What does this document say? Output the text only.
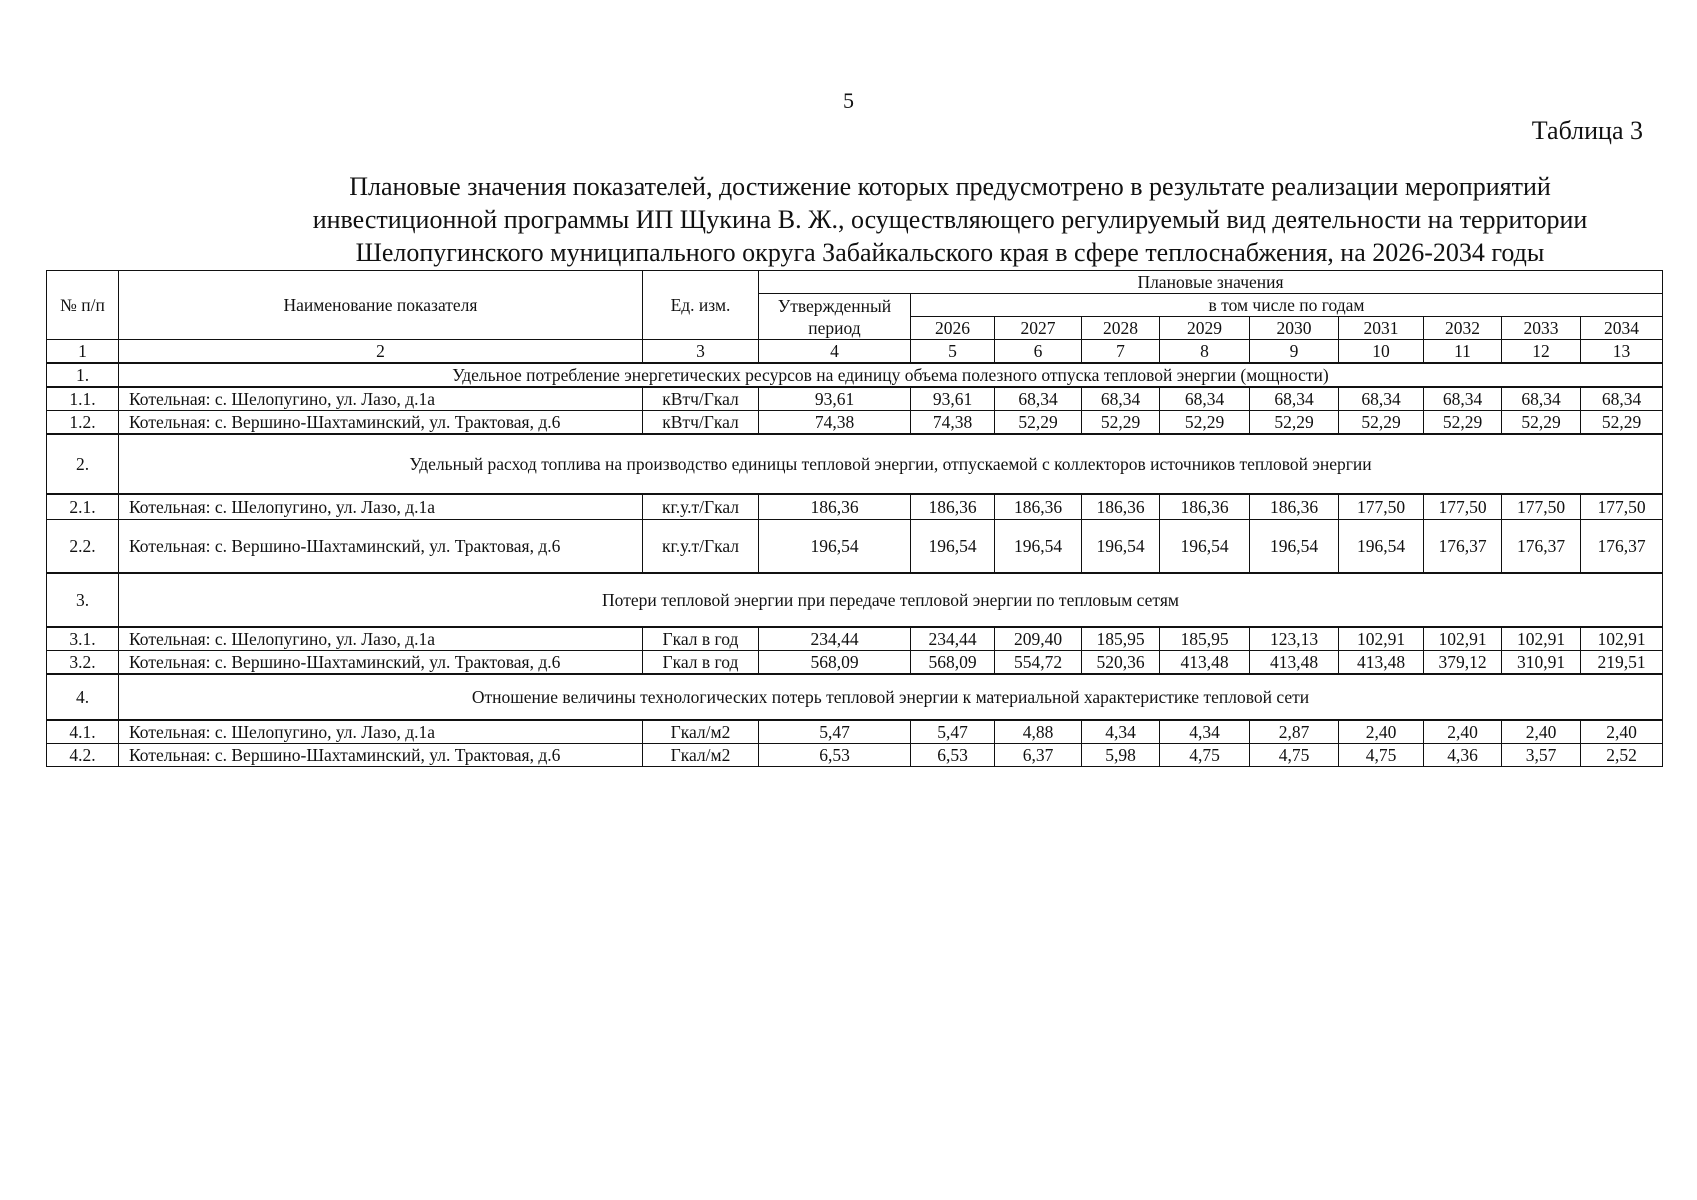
5
Таблица 3
Плановые значения показателей, достижение которых предусмотрено в результате реализации мероприятий
инвестиционной программы ИП Щукина В. Ж., осуществляющего регулируемый вид деятельности на территории
Шелопугинского муниципального округа Забайкальского края в сфере теплоснабжения, на 2026-2034 годы
№ п/п	Наименование показателя	Ед. изм.	Плановые значения									
			Утвержденный период	в том числе по годам								
				2026	2027	2028	2029	2030	2031	2032	2033	2034
1	2	3	4	5	6	7	8	9	10	11	12	13
1.	Удельное потребление энергетических ресурсов на единицу объема полезного отпуска тепловой энергии (мощности)											
1.1.	Котельная: с. Шелопугино, ул. Лазо, д.1а	кВтч/Гкал	93,61	93,61	68,34	68,34	68,34	68,34	68,34	68,34	68,34	68,34
1.2.	Котельная: с. Вершино-Шахтаминский, ул. Трактовая, д.6	кВтч/Гкал	74,38	74,38	52,29	52,29	52,29	52,29	52,29	52,29	52,29	52,29
2.	Удельный расход топлива на производство единицы тепловой энергии, отпускаемой с коллекторов источников тепловой энергии											
2.1.	Котельная: с. Шелопугино, ул. Лазо, д.1а	кг.у.т/Гкал	186,36	186,36	186,36	186,36	186,36	186,36	177,50	177,50	177,50	177,50
2.2.	Котельная: с. Вершино-Шахтаминский, ул. Трактовая, д.6	кг.у.т/Гкал	196,54	196,54	196,54	196,54	196,54	196,54	196,54	176,37	176,37	176,37
3.	Потери тепловой энергии при передаче тепловой энергии по тепловым сетям											
3.1.	Котельная: с. Шелопугино, ул. Лазо, д.1а	Гкал в год	234,44	234,44	209,40	185,95	185,95	123,13	102,91	102,91	102,91	102,91
3.2.	Котельная: с. Вершино-Шахтаминский, ул. Трактовая, д.6	Гкал в год	568,09	568,09	554,72	520,36	413,48	413,48	413,48	379,12	310,91	219,51
4.	Отношение величины технологических потерь тепловой энергии к материальной характеристике тепловой сети											
4.1.	Котельная: с. Шелопугино, ул. Лазо, д.1а	Гкал/м2	5,47	5,47	4,88	4,34	4,34	2,87	2,40	2,40	2,40	2,40
4.2.	Котельная: с. Вершино-Шахтаминский, ул. Трактовая, д.6	Гкал/м2	6,53	6,53	6,37	5,98	4,75	4,75	4,75	4,36	3,57	2,52
